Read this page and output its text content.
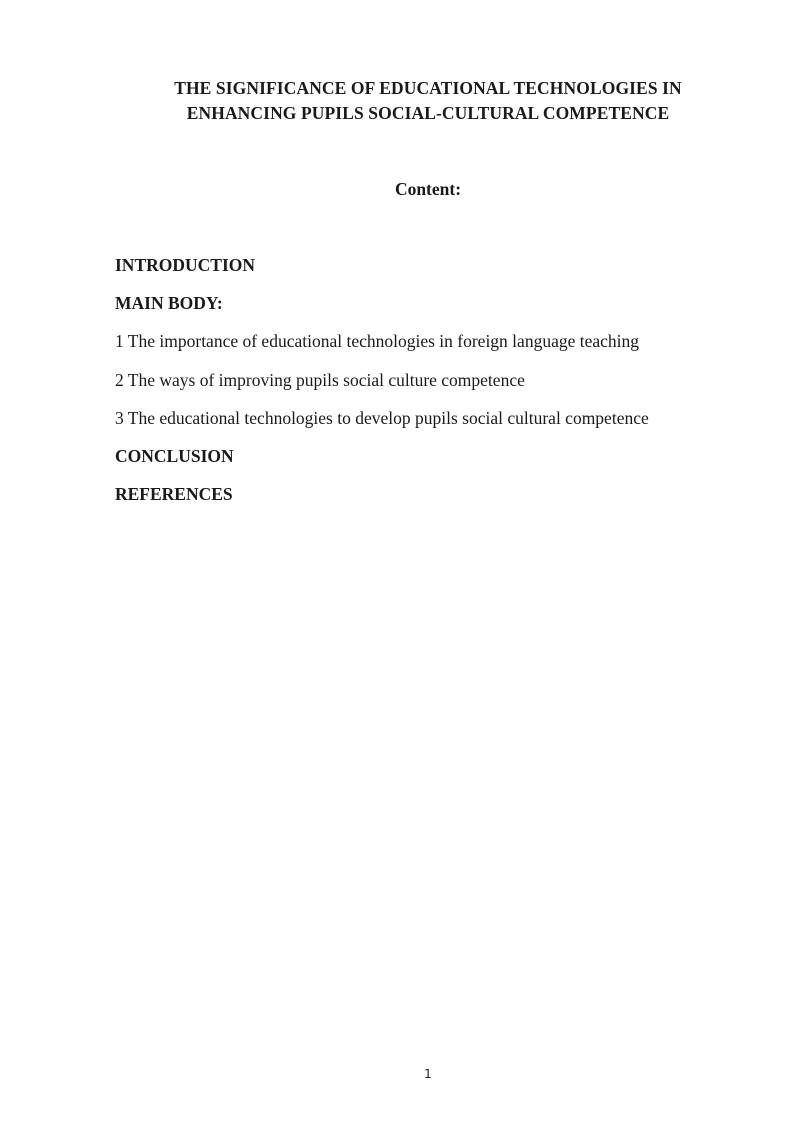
THE SIGNIFICANCE OF EDUCATIONAL TECHNOLOGIES IN
ENHANCING PUPILS SOCIAL-CULTURAL COMPETENCE
Content:
INTRODUCTION
MAIN BODY:
1 The importance of educational technologies in foreign language teaching
2 The ways of improving pupils social culture competence
3 The educational technologies to develop pupils social cultural competence
CONCLUSION
REFERENCES
1
